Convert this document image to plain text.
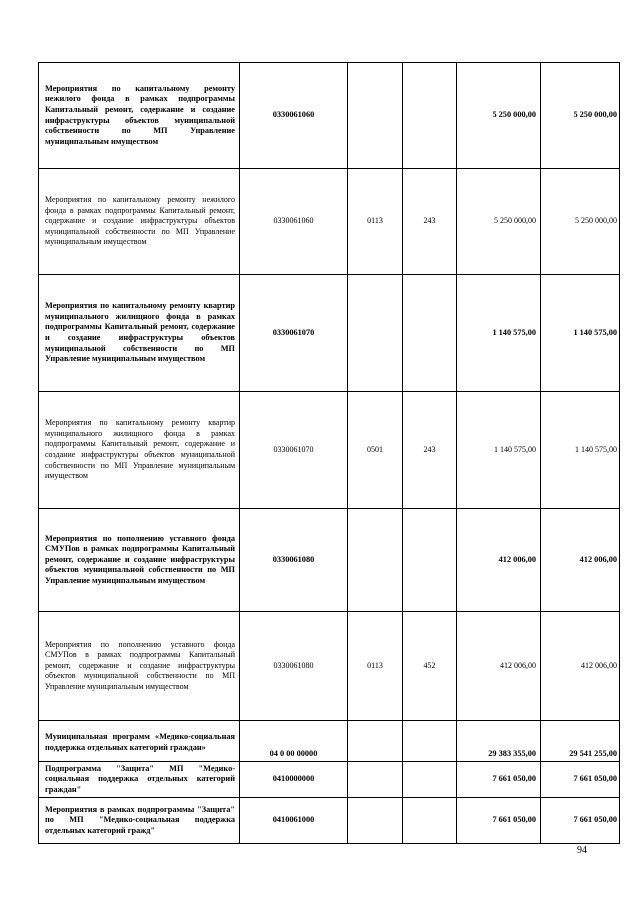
Мероприятия по капитальному ремонту нежилого фонда в рамках подпрограммы Капитальный ремонт, содержание и создание инфраструктуры объектов муниципальной собственности по МП Управление муниципальным имуществом	0330061060			5 250 000,00	5 250 000,00
Мероприятия по капитальному ремонту нежилого фонда в рамках подпрограммы Капитальный ремонт, содержание и создание инфраструктуры объектов муниципальной собственности по МП Управление муниципальным имуществом	0330061060	0113	243	5 250 000,00	5 250 000,00
Мероприятия по капитальному ремонту квартир муниципального жилищного фонда в рамках подпрограммы Капитальный ремонт, содержание и создание инфраструктуры объектов муниципальной собственности по МП Управление муниципальным имуществом	0330061070			1 140 575,00	1 140 575,00
Мероприятия по капитальному ремонту квартир муниципального жилищного фонда в рамках подпрограммы Капитальный ремонт, содержание и создание инфраструктуры объектов муниципальной собственности по МП Управление муниципальным имуществом	0330061070	0501	243	1 140 575,00	1 140 575,00
Мероприятия по пополнению уставного фонда СМУПов в рамках подпрограммы Капитальный ремонт, содержание и создание инфраструктуры объектов муниципальной собственности по МП Управление муниципальным имуществом	0330061080			412 006,00	412 006,00
Мероприятия по пополнению уставного фонда СМУПов в рамках подпрограммы Капитальный ремонт, содержание и создание инфраструктуры объектов муниципальной собственности по МП Управление муниципальным имуществом	0330061080	0113	452	412 006,00	412 006,00
Муниципальная программ «Медико-социальная поддержка отдельных категорий граждан»	04 0 00 00000			29 383 355,00	29 541 255,00
Подпрограмма "Защита" МП "Медико-социальная поддержка отдельных категорий граждан"	0410000000			7 661 050,00	7 661 050,00
Мероприятия в рамках подпрограммы "Защита" по МП "Медико-социальная поддержка отдельных категорий гражд"	0410061000			7 661 050,00	7 661 050,00
94
